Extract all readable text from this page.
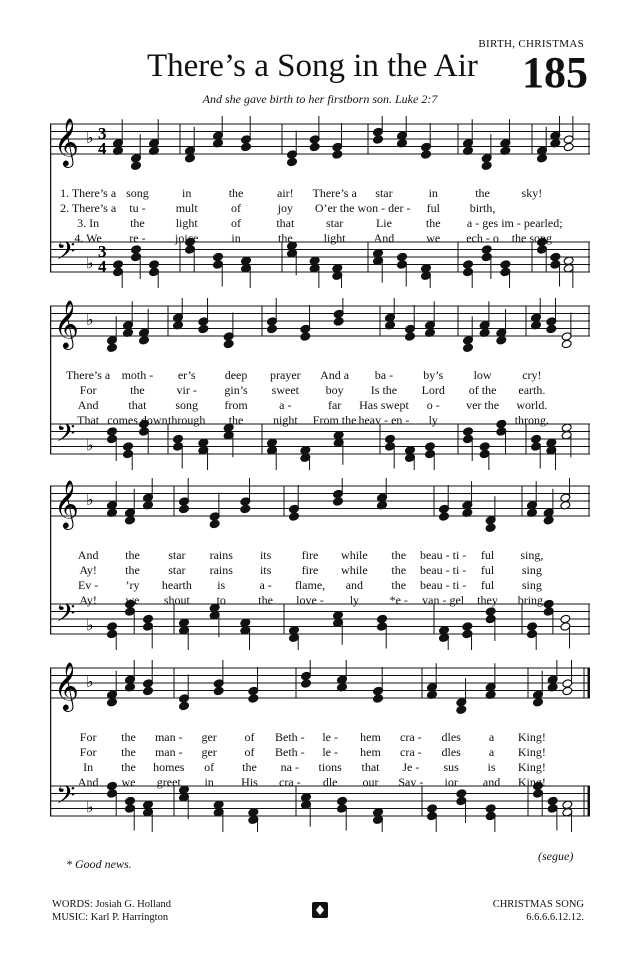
BIRTH, CHRISTMAS
There’s a Song in the Air 185
And she gave birth to her firstborn son. Luke 2:7
𝄞
𝄢
♭
♭
3
3
4
4
𝄞
𝄢
♭
♭
𝄞
𝄢
♭
♭
𝄞
𝄢
♭
♭
1. There’s a song	in	the	air! There’s a star	in	the	sky!
2. There’s a tu -	mult	of	joy O’er the won - der - ful birth,
3. In	the	light	of	that	star	Lie	the a - ges im - pearled;
4. We re - joice	in	the	light And	we ech - o the song
There’s a moth - er’s deep prayer And a ba -	by’s	low	cry!
For	the	vir - gin’s sweet boy Is the Lord of the earth.
And that song from	a -	far Has swept o - ver the world.
That comes down through the night From the heav - en - ly	throng.
And the star rains its	fire while the beau - ti - ful sing,
Ay! the star rains its	fire while the beau - ti - ful sing
Ev - ’ry hearth is	a - flame, and the beau - ti - ful sing
Ay! we shout to	the love - ly	*e - van - gel they bring,
For the man - ger of Beth - le - hem cra - dles a King!
For the man - ger of Beth - le - hem cra - dles a King!
In the homes of the na - tions that Je - sus is King!
And we greet in His cra - dle our Sav - ior and King!
* Good news.
(segue)
WORDS: Josiah G. Holland
MUSIC: Karl P. Harrington
CHRISTMAS SONG
6.6.6.6.12.12.
